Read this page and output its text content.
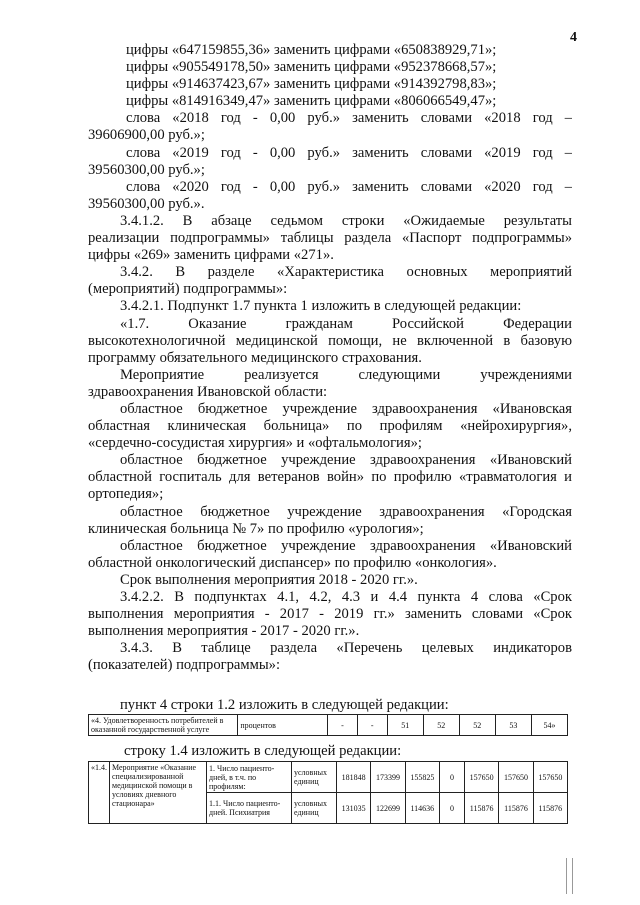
4
цифры «647159855,36» заменить цифрами «650838929,71»;
цифры «905549178,50» заменить цифрами «952378668,57»;
цифры «914637423,67» заменить цифрами «914392798,83»;
цифры «814916349,47» заменить цифрами «806066549,47»;
слова «2018 год - 0,00 руб.» заменить словами «2018 год –
39606900,00 руб.»;
слова «2019 год - 0,00 руб.» заменить словами «2019 год –
39560300,00 руб.»;
слова «2020 год - 0,00 руб.» заменить словами «2020 год –
39560300,00 руб.».
3.4.1.2. В абзаце седьмом строки «Ожидаемые результаты
реализации подпрограммы» таблицы раздела «Паспорт подпрограммы»
цифры «269» заменить цифрами «271».
3.4.2. В разделе «Характеристика основных мероприятий
(мероприятий) подпрограммы»:
3.4.2.1. Подпункт 1.7 пункта 1 изложить в следующей редакции:
«1.7. Оказание гражданам Российской Федерации
высокотехнологичной медицинской помощи, не включенной в базовую
программу обязательного медицинского страхования.
Мероприятие реализуется следующими учреждениями
здравоохранения Ивановской области:
областное бюджетное учреждение здравоохранения «Ивановская
областная клиническая больница» по профилям «нейрохирургия»,
«сердечно-сосудистая хирургия» и «офтальмология»;
областное бюджетное учреждение здравоохранения «Ивановский
областной госпиталь для ветеранов войн» по профилю «травматология и
ортопедия»;
областное бюджетное учреждение здравоохранения «Городская
клиническая больница № 7» по профилю «урология»;
областное бюджетное учреждение здравоохранения «Ивановский
областной онкологический диспансер» по профилю «онкология».
Срок выполнения мероприятия 2018 - 2020 гг.».
3.4.2.2. В подпунктах 4.1, 4.2, 4.3 и 4.4 пункта 4 слова «Срок
выполнения мероприятия - 2017 - 2019 гг.» заменить словами «Срок
выполнения мероприятия - 2017 - 2020 гг.».
3.4.3. В таблице раздела «Перечень целевых индикаторов
(показателей) подпрограммы»:
пункт 4 строки 1.2 изложить в следующей редакции:
«4. Удовлетворенность потребителей в оказанной государственной услуге	процентов	-	-	51	52	52	53	54»
строку 1.4 изложить в следующей редакции:
«1.4.	Мероприятие «Оказание специализированной медицинской помощи в условиях дневного стационара»	1. Число пациенто-дней, в т.ч. по профилям:	условных единиц	181848	173399	155825	0	157650	157650	157650
		1.1. Число пациенто-дней. Психиатрия	условных единиц	131035	122699	114636	0	115876	115876	115876
